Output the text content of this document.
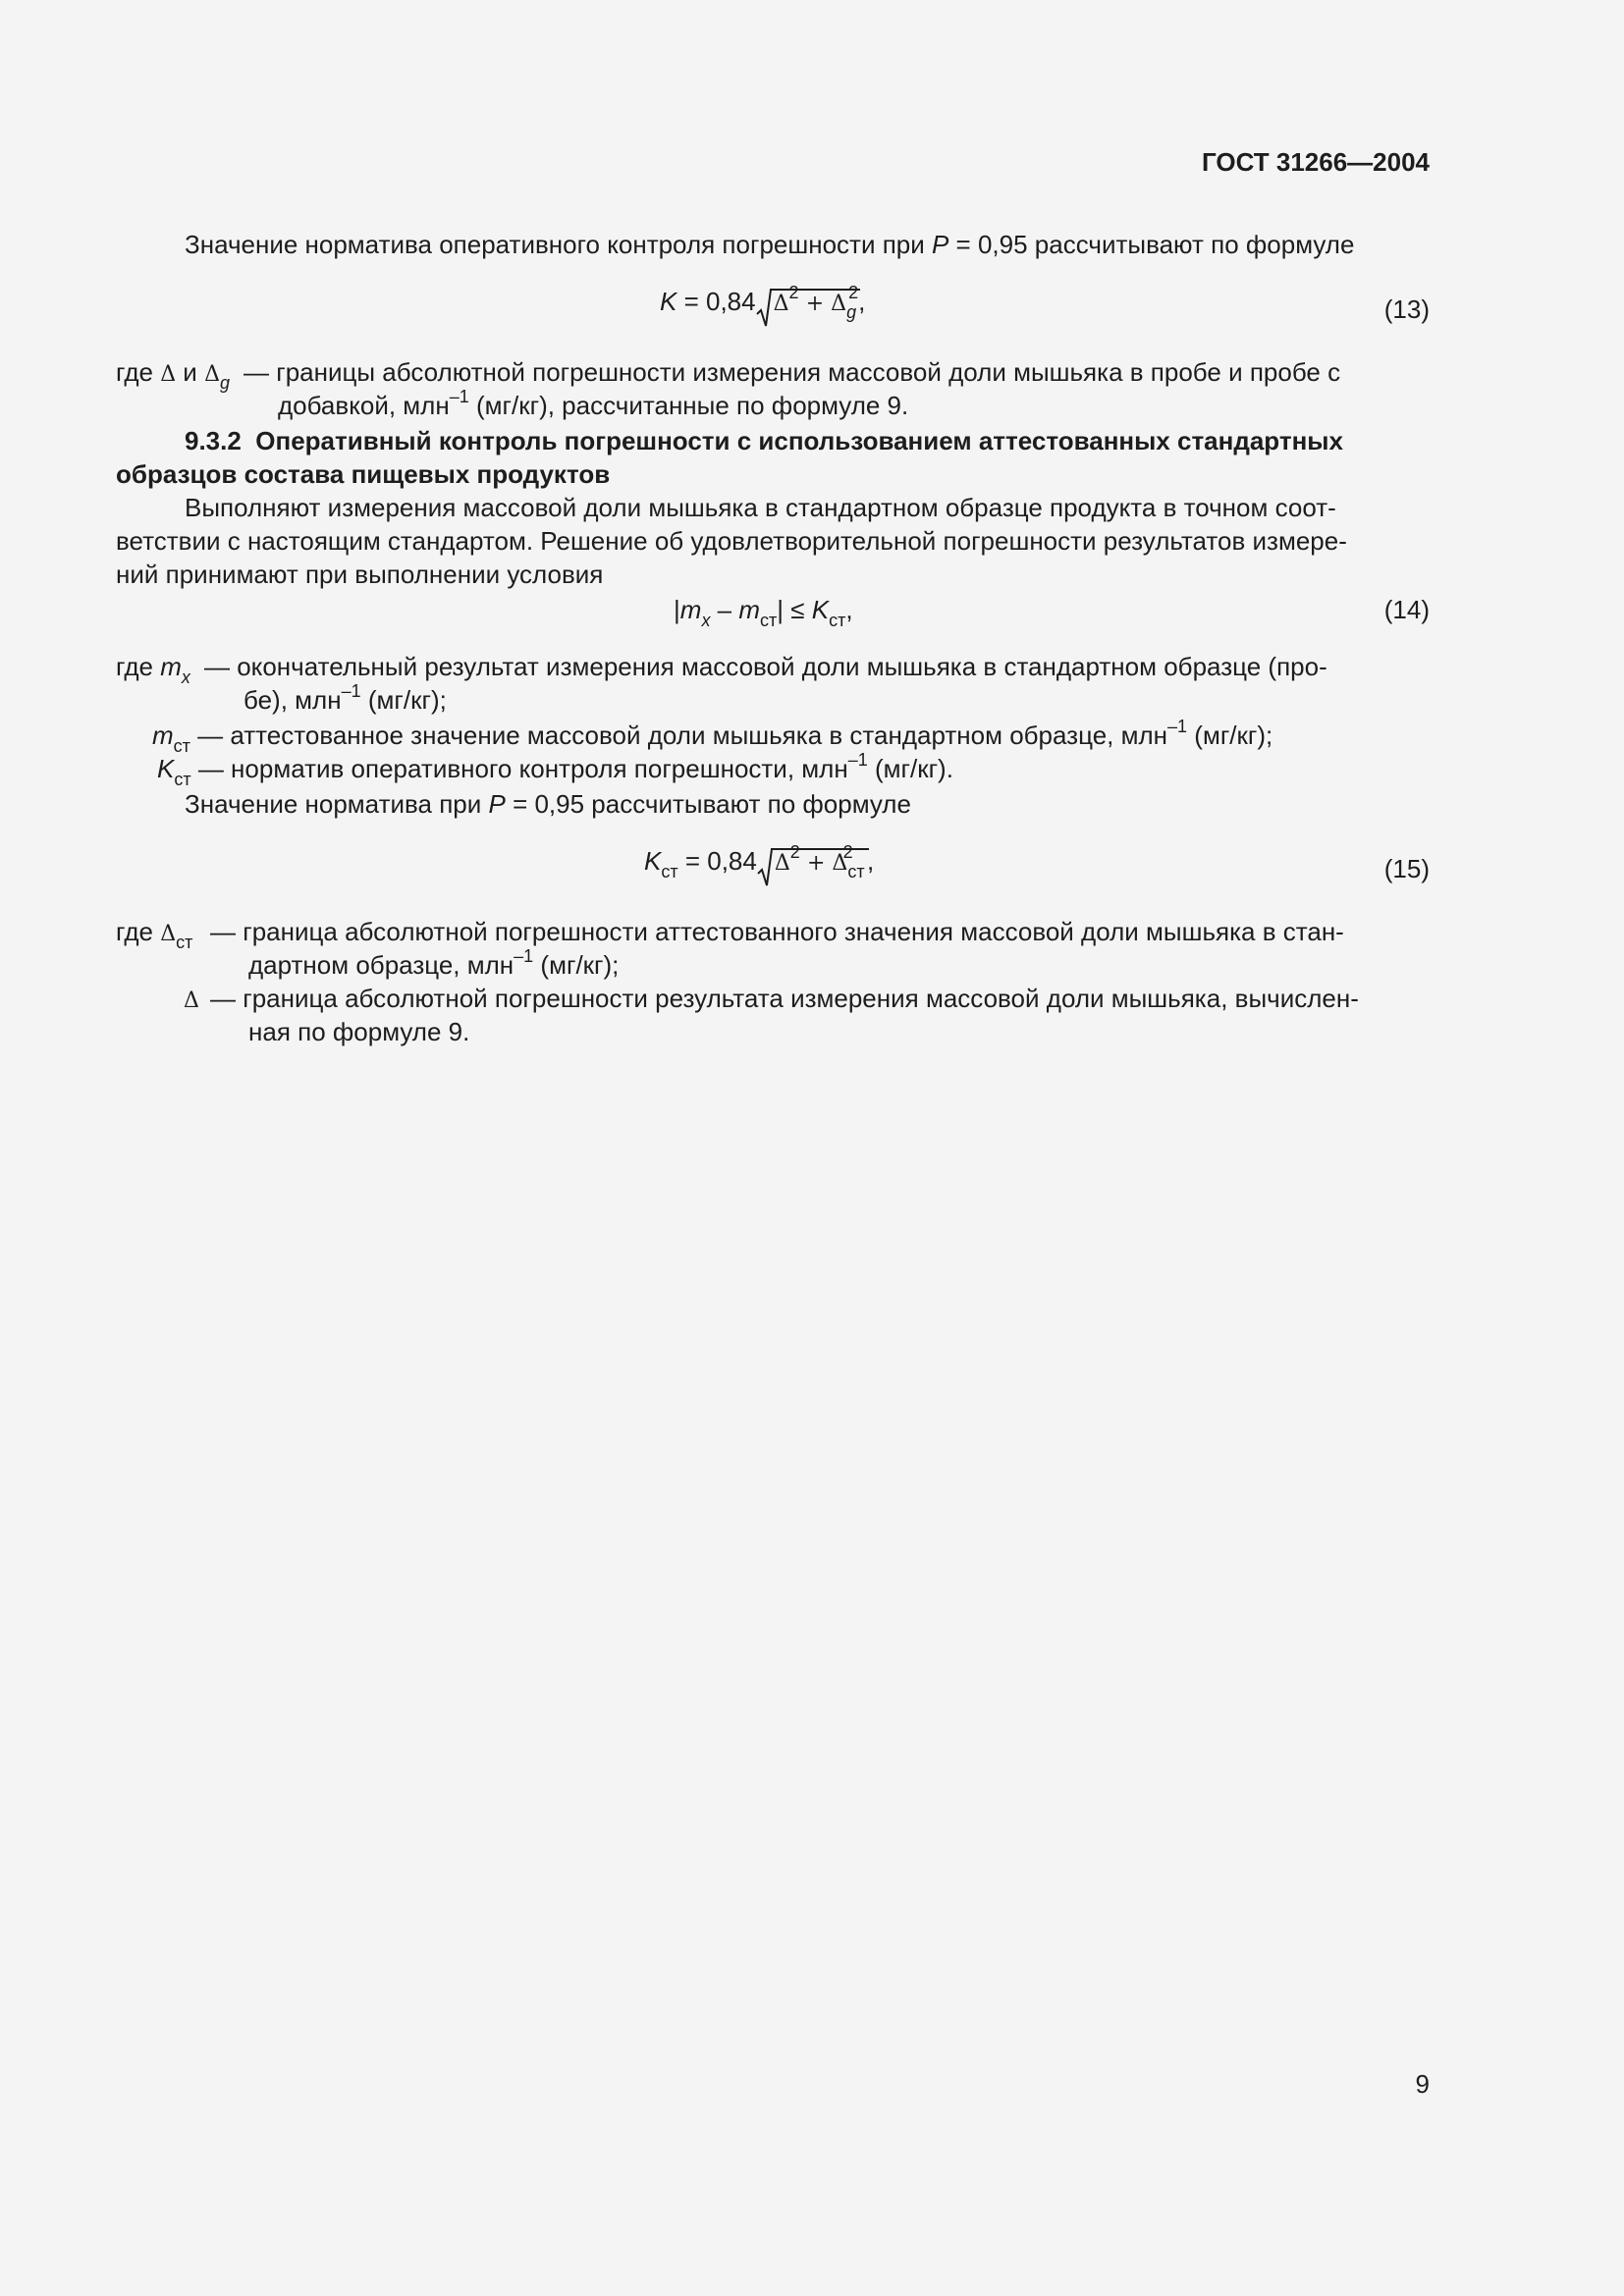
ГОСТ 31266—2004
Значение норматива оперативного контроля погрешности при P = 0,95 рассчитывают по формуле
K = 0,84 $\Delta^2 + \Delta_g^2$,	(13)
где Δ и $\Delta_g$ — границы абсолютной погрешности измерения массовой доли мышьяка в пробе и пробе с
добавкой, млн$^{-1}$ (мг/кг), рассчитанные по формуле 9.
9.3.2 Оперативный контроль погрешности с использованием аттестованных стандартных
образцов состава пищевых продуктов
Выполняют измерения массовой доли мышьяка в стандартном образце продукта в точном соот-
ветствии с настоящим стандартом. Решение об удовлетворительной погрешности результатов измере-
ний принимают при выполнении условия
$|m_x - m_{ст}| \le K_{ст}$,	(14)
где $m_x$ — окончательный результат измерения массовой доли мышьяка в стандартном образце (про-
бе), млн$^{-1}$ (мг/кг);
$m_{ст}$ — аттестованное значение массовой доли мышьяка в стандартном образце, млн$^{-1}$ (мг/кг);
$K_{ст}$ — норматив оперативного контроля погрешности, млн$^{-1}$ (мг/кг).
Значение норматива при P = 0,95 рассчитывают по формуле
$K_{ст} = 0,84$ $\Delta^2 + \Delta_{ст}^2$ ,	(15)
где $\Delta_{ст}$ — граница абсолютной погрешности аттестованного значения массовой доли мышьяка в стан-
дартном образце, млн$^{-1}$ (мг/кг);
Δ — граница абсолютной погрешности результата измерения массовой доли мышьяка, вычислен-
ная по формуле 9.
9
